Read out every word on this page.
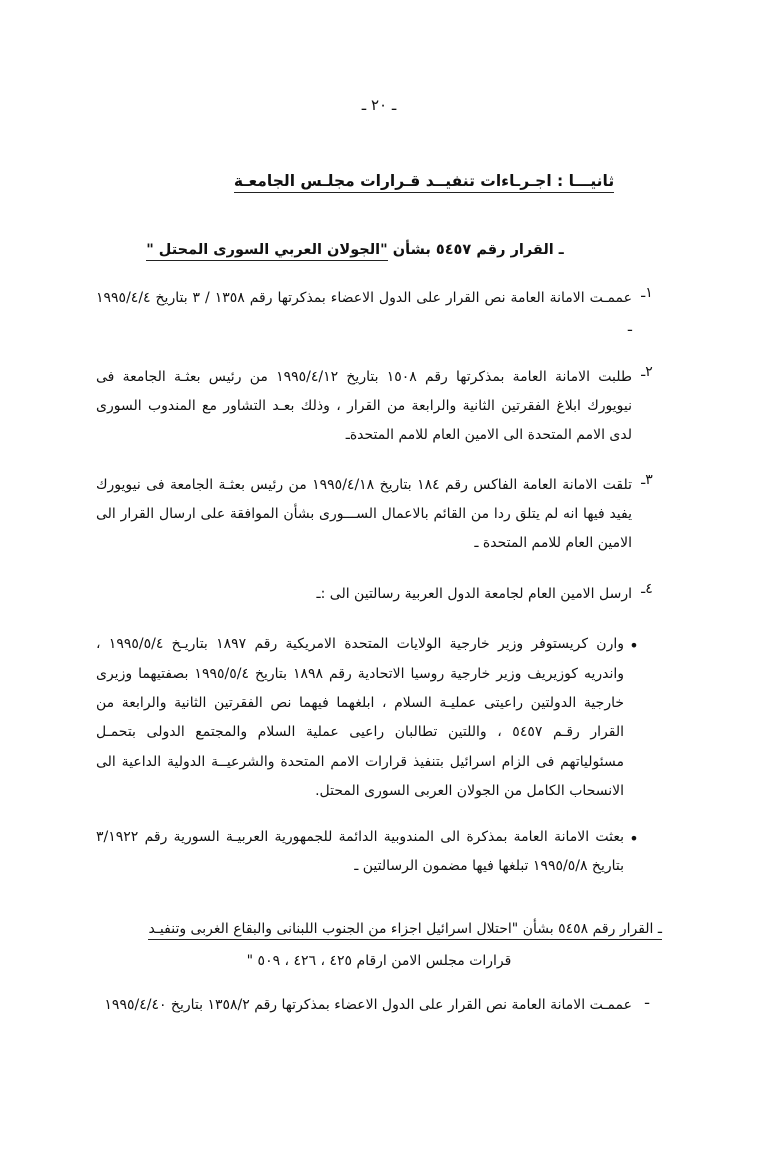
ـ ٢٠ ـ
ثانيـــا : اجـرـاءات تنفيــد قـرارات مجلـس الجامعـة
ـ القرار رقم ٥٤٥٧ بشأن "الجولان العربي السورى المحتل "
١ـ
عممـت الامانة العامة نص القرار على الدول الاعضاء بمذكرتها رقم ١٣٥٨ / ٣ بتاريخ ١٩٩٥/٤/٤ ـ
٢ـ
طلبت الامانة العامة بمذكرتها رقم ١٥٠٨ بتاريخ ١٩٩٥/٤/١٢ من رئيس بعثـة الجامعة فى نيويورك ابلاغ الفقرتين الثانية والرابعة من القرار ، وذلك بعـد التشاور مع المندوب السورى لدى الامم المتحدة الى الامين العام للامم المتحدةـ
٣ـ
تلقت الامانة العامة الفاكس رقم ١٨٤ بتاريخ ١٩٩٥/٤/١٨ من رئيس بعثـة الجامعة فى نيويورك يفيد فيها انه لم يتلق ردا من القائم بالاعمال الســـورى بشأن الموافقة على ارسال القرار الى الامين العام للامم المتحدة ـ
٤ـ
ارسل الامين العام لجامعة الدول العربية رسالتين الى :ـ
•
وارن كريستوفر وزير خارجية الولايات المتحدة الامريكية رقم ١٨٩٧ بتاريـخ ١٩٩٥/٥/٤ ، واندريه كوزيريف وزير خارجية روسيا الاتحادية رقم ١٨٩٨ بتاريخ ١٩٩٥/٥/٤ بصفتيهما وزيرى خارجية الدولتين راعيتى عمليـة السلام ، ابلغهما فيهما نص الفقرتين الثانية والرابعة من القرار رقـم ٥٤٥٧ ، واللتين تطالبان راعيى عملية السلام والمجتمع الدولى بتحمـل مسئولياتهم فى الزام اسرائيل بتنفيذ قرارات الامم المتحدة والشرعيــة الدولية الداعية الى الانسحاب الكامل من الجولان العربى السورى المحتل.
•
بعثت الامانة العامة بمذكرة الى المندوبية الدائمة للجمهورية العربيـة السورية رقم ٣/١٩٢٢ بتاريخ ١٩٩٥/٥/٨ تبلغها فيها مضمون الرسالتين ـ
ـ القرار رقم ٥٤٥٨ بشأن "احتلال اسرائيل اجزاء من الجنوب اللبنانى والبقاع الغربى وتنفيـد
قرارات مجلس الامن ارقام ٤٢٥ ، ٤٢٦ ، ٥٠٩ "
ـ
عممـت الامانة العامة نص القرار على الدول الاعضاء بمذكرتها رقم ١٣٥٨/٢ بتاريخ ١٩٩٥/٤/٤٠
